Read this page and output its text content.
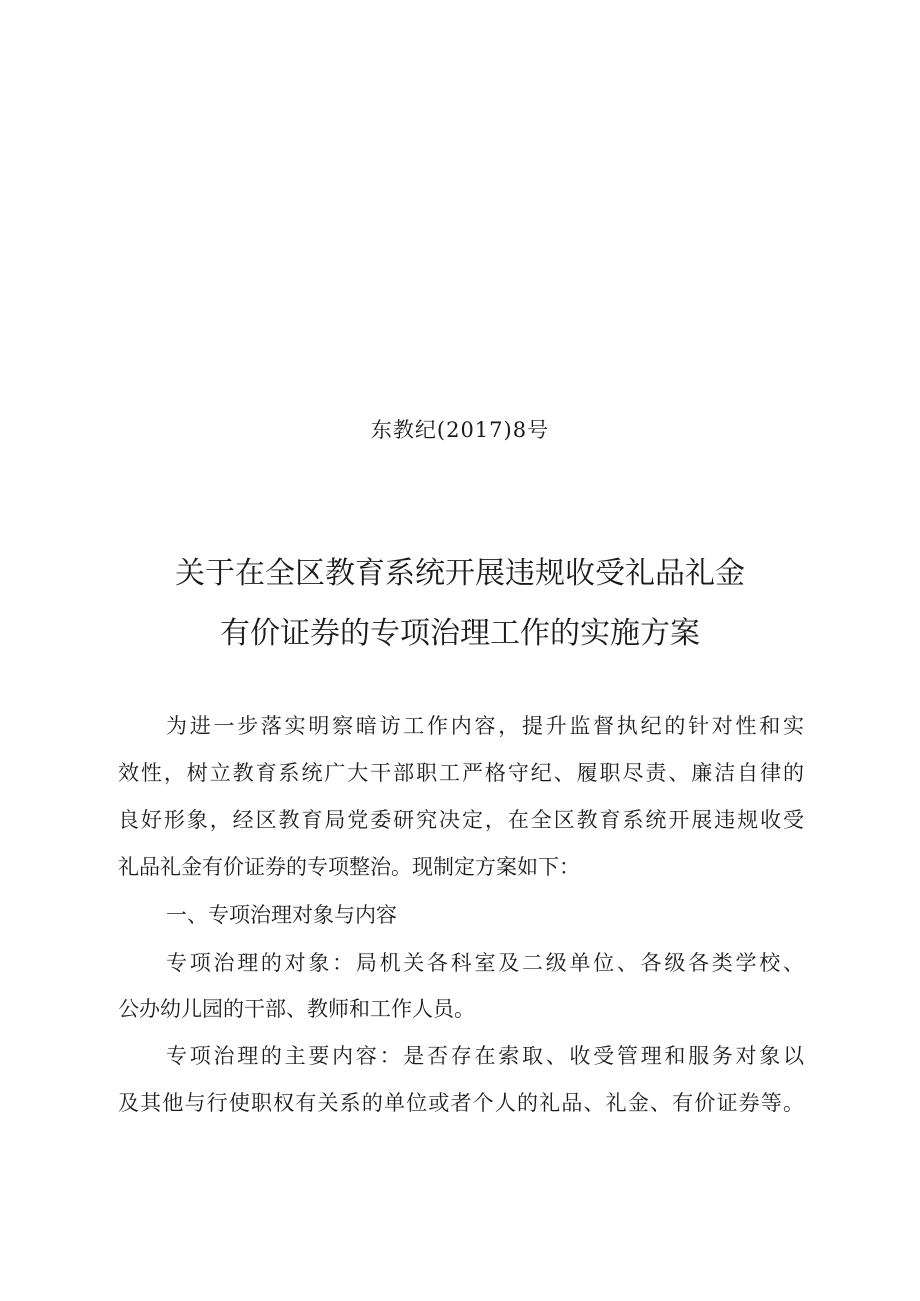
东教纪(2017)8号
关于在全区教育系统开展违规收受礼品礼金
有价证券的专项治理工作的实施方案
为进一步落实明察暗访工作内容，提升监督执纪的针对性和实
效性，树立教育系统广大干部职工严格守纪、履职尽责、廉洁自律的
良好形象，经区教育局党委研究决定，在全区教育系统开展违规收受
礼品礼金有价证券的专项整治。现制定方案如下：
一、专项治理对象与内容
专项治理的对象：局机关各科室及二级单位、各级各类学校、
公办幼儿园的干部、教师和工作人员。
专项治理的主要内容：是否存在索取、收受管理和服务对象以
及其他与行使职权有关系的单位或者个人的礼品、礼金、有价证券等。
